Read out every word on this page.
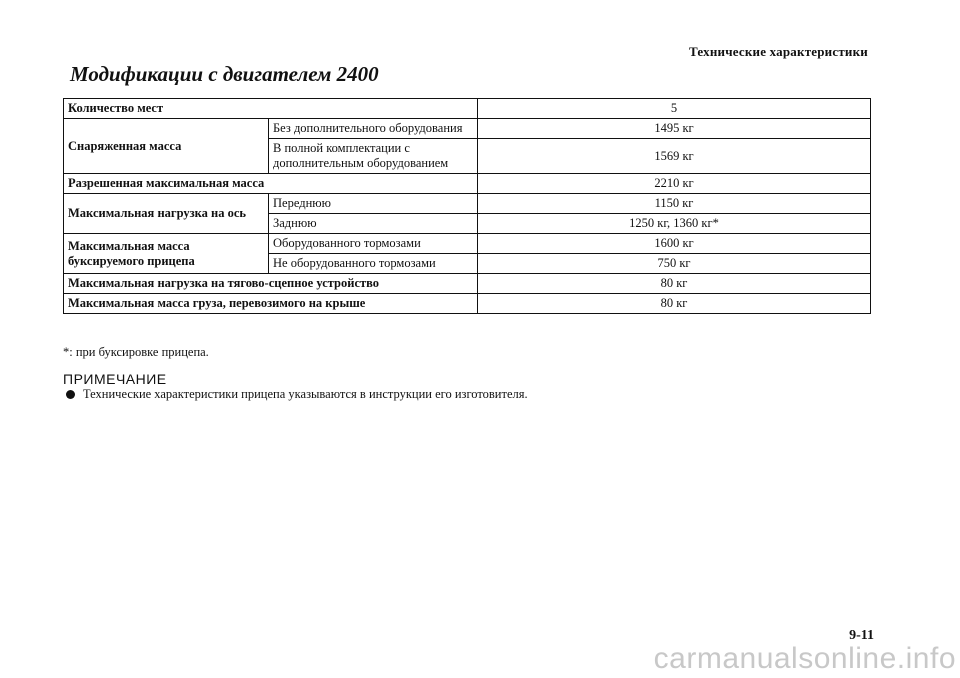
Технические характеристики
Модификации с двигателем 2400
Количество мест		5
Снаряженная масса	Без дополнительного оборудования	1495 кг
	В полной комплектации с дополнительным оборудованием	1569 кг
Разрешенная максимальная масса		2210 кг
Максимальная нагрузка на ось	Переднюю	1150 кг
	Заднюю	1250 кг, 1360 кг*
Максимальная масса буксируемого прицепа	Оборудованного тормозами	1600 кг
	Не оборудованного тормозами	750 кг
Максимальная нагрузка на тягово-сцепное устройство		80 кг
Максимальная масса груза, перевозимого на крыше		80 кг
*: при буксировке прицепа.
ПРИМЕЧАНИЕ
Технические характеристики прицепа указываются в инструкции его изготовителя.
9-11
carmanualsonline.info
